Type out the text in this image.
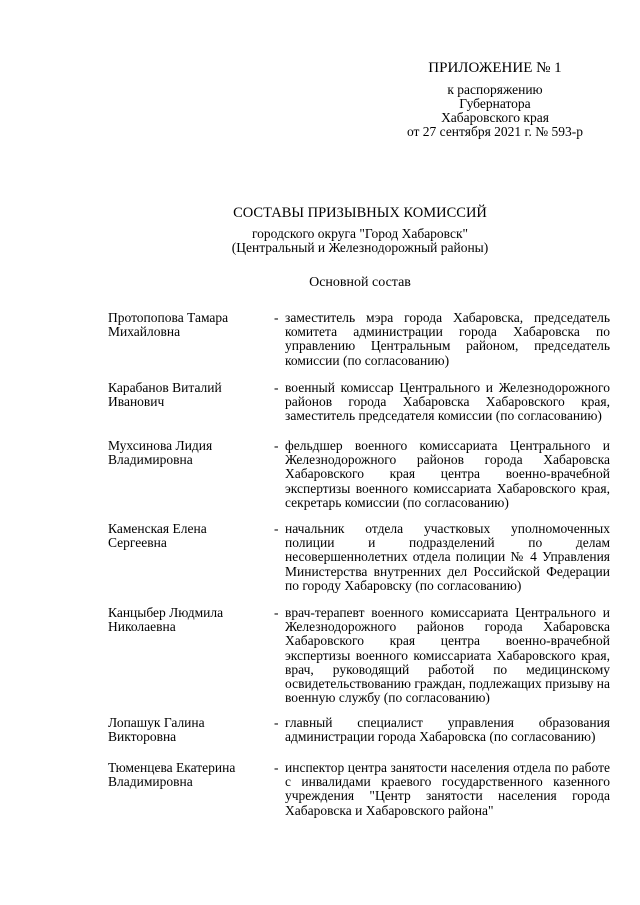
ПРИЛОЖЕНИЕ № 1
к распоряжению
Губернатора
Хабаровского края
от 27 сентября 2021 г. № 593-р
СОСТАВЫ ПРИЗЫВНЫХ КОМИССИЙ
городского округа "Город Хабаровск"
(Центральный и Железнодорожный районы)
Основной состав
Протопопова Тамара Михайловна
- заместитель мэра города Хабаровска, председатель комитета администрации города Хабаровска по управлению Центральным районом, председатель комиссии (по согласованию)
Карабанов Виталий Иванович
- военный комиссар Центрального и Железнодорожного районов города Хабаровска Хабаровского края, заместитель председателя комиссии (по согласованию)
Мухсинова Лидия Владимировна
- фельдшер военного комиссариата Центрального и Железнодорожного районов города Хабаровска Хабаровского края центра военно-врачебной экспертизы военного комиссариата Хабаровского края, секретарь комиссии (по согласованию)
Каменская Елена Сергеевна
- начальник отдела участковых уполномоченных полиции и подразделений по делам несовершеннолетних отдела полиции № 4 Управления Министерства внутренних дел Российской Федерации по городу Хабаровску (по согласованию)
Канцыбер Людмила Николаевна
- врач-терапевт военного комиссариата Центрального и Железнодорожного районов города Хабаровска Хабаровского края центра военно-врачебной экспертизы военного комиссариата Хабаровского края, врач, руководящий работой по медицинскому освидетельствованию граждан, подлежащих призыву на военную службу (по согласованию)
Лопашук Галина Викторовна
- главный специалист управления образования администрации города Хабаровска (по согласованию)
Тюменцева Екатерина Владимировна
- инспектор центра занятости населения отдела по работе с инвалидами краевого государственного казенного учреждения "Центр занятости населения города Хабаровска и Хабаровского района"
